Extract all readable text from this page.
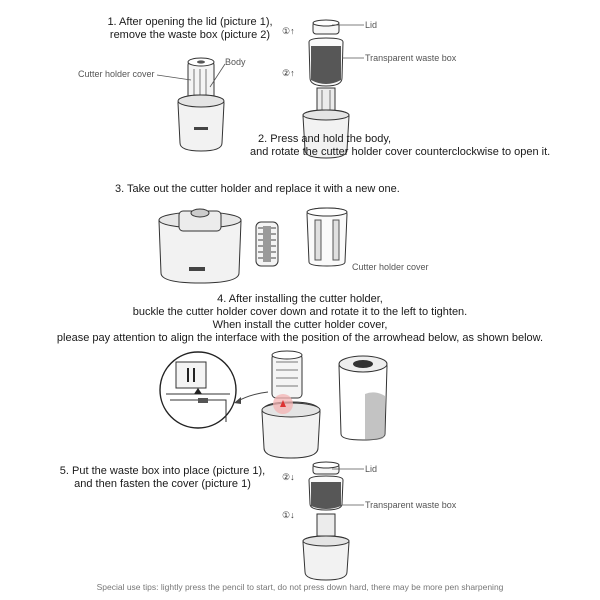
1. After opening the lid (picture 1),
remove the waste box (picture 2)
Cutter holder cover
Body
①↑
②↑
Lid
Transparent waste box
2. Press and hold the body,
and rotate the cutter holder cover counterclockwise to open it.
3. Take out the cutter holder and replace it with a new one.
Cutter holder cover
4. After installing the cutter holder,
buckle the cutter holder cover down and rotate it to the left to tighten.
When install the cutter holder cover,
please pay attention to align the interface with the position of the arrowhead below, as shown below.
5. Put the waste box into place (picture 1),
and then fasten the cover (picture 1)
②↓
①↓
Lid
Transparent waste box
Special use tips: lightly press the pencil to start, do not press down hard, there may be more pen sharpening
